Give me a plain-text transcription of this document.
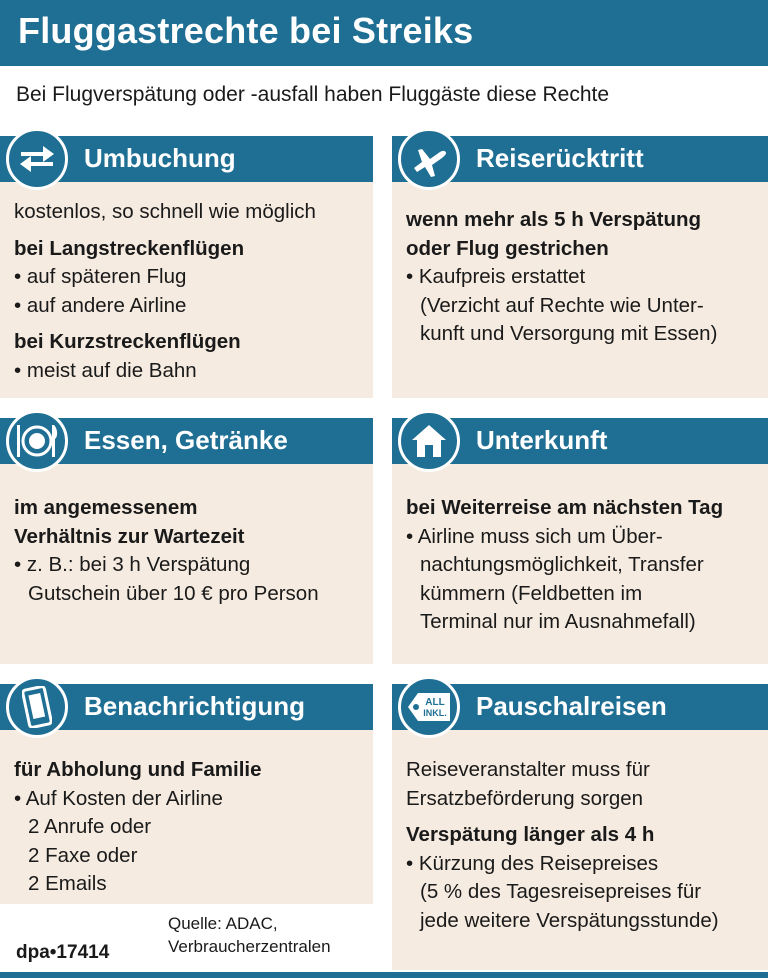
Fluggastrechte bei Streiks
Bei Flugverspätung oder -ausfall haben Fluggäste diese Rechte
Umbuchung
kostenlos, so schnell wie möglich
bei Langstreckenflügen
• auf späteren Flug
• auf andere Airline
bei Kurzstreckenflügen
• meist auf die Bahn
Reiserücktritt
wenn mehr als 5 h Verspätung
oder Flug gestrichen
• Kaufpreis erstattet
(Verzicht auf Rechte wie Unter-
kunft und Versorgung mit Essen)
Essen, Getränke
im angemessenem
Verhältnis zur Wartezeit
• z. B.: bei 3 h Verspätung
Gutschein über 10 € pro Person
Unterkunft
bei Weiterreise am nächsten Tag
• Airline muss sich um Über-
nachtungsmöglichkeit, Transfer
kümmern (Feldbetten im
Terminal nur im Ausnahmefall)
Benachrichtigung
für Abholung und Familie
• Auf Kosten der Airline
2 Anrufe oder
2 Faxe oder
2 Emails
Pauschalreisen
ALL
INKL.
Reiseveranstalter muss für
Ersatzbeförderung sorgen
Verspätung länger als 4 h
• Kürzung des Reisepreises
(5 % des Tagesreisepreises für
jede weitere Verspätungsstunde)
Quelle: ADAC,
Verbraucherzentralen
dpa•17414
